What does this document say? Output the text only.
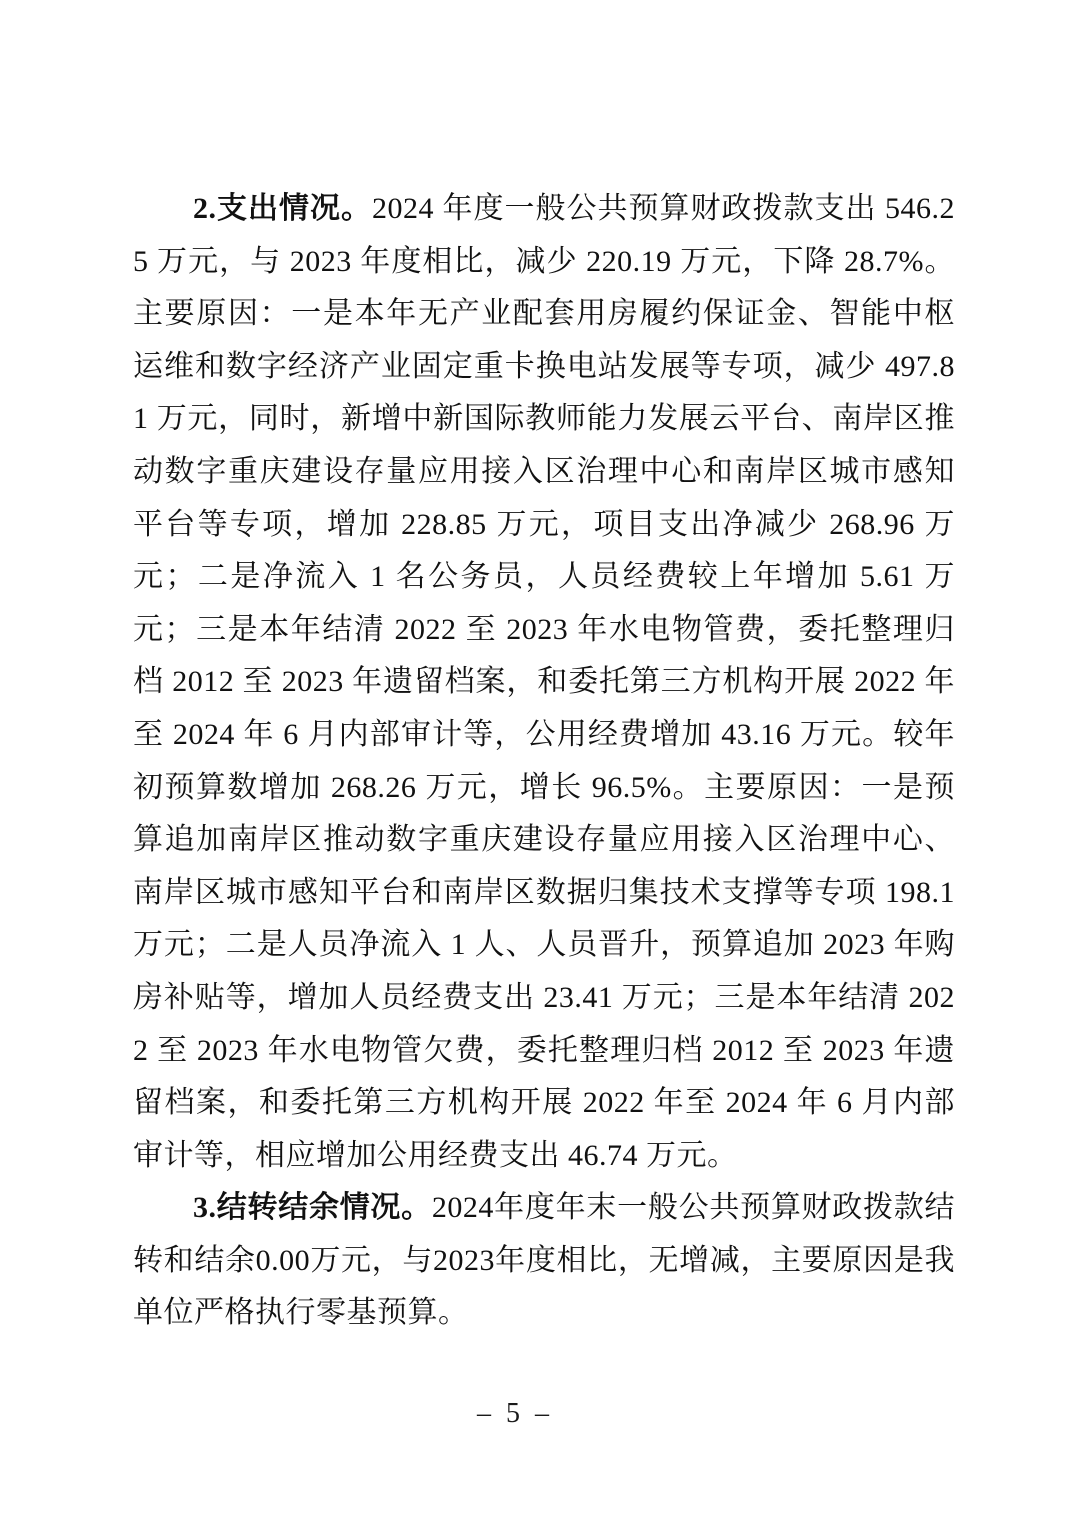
2.支出情况。2024 年度一般公共预算财政拨款支出 546.25 万元，与 2023 年度相比，减少 220.19 万元，下降 28.7%。主要原因：一是本年无产业配套用房履约保证金、智能中枢运维和数字经济产业固定重卡换电站发展等专项，减少 497.81 万元，同时，新增中新国际教师能力发展云平台、南岸区推动数字重庆建设存量应用接入区治理中心和南岸区城市感知平台等专项，增加 228.85 万元，项目支出净减少 268.96 万元；二是净流入 1 名公务员，人员经费较上年增加 5.61 万元；三是本年结清 2022 至 2023 年水电物管费，委托整理归档 2012 至 2023 年遗留档案，和委托第三方机构开展 2022 年至 2024 年 6 月内部审计等，公用经费增加 43.16 万元。较年初预算数增加 268.26 万元，增长 96.5%。主要原因：一是预算追加南岸区推动数字重庆建设存量应用接入区治理中心、南岸区城市感知平台和南岸区数据归集技术支撑等专项 198.1 万元；二是人员净流入 1 人、人员晋升，预算追加 2023 年购房补贴等，增加人员经费支出 23.41 万元；三是本年结清 2022 至 2023 年水电物管欠费，委托整理归档 2012 至 2023 年遗留档案，和委托第三方机构开展 2022 年至 2024 年 6 月内部审计等，相应增加公用经费支出 46.74 万元。

3.结转结余情况。2024年度年末一般公共预算财政拨款结转和结余0.00万元，与2023年度相比，无增减，主要原因是我单位严格执行零基预算。

– 5 –
